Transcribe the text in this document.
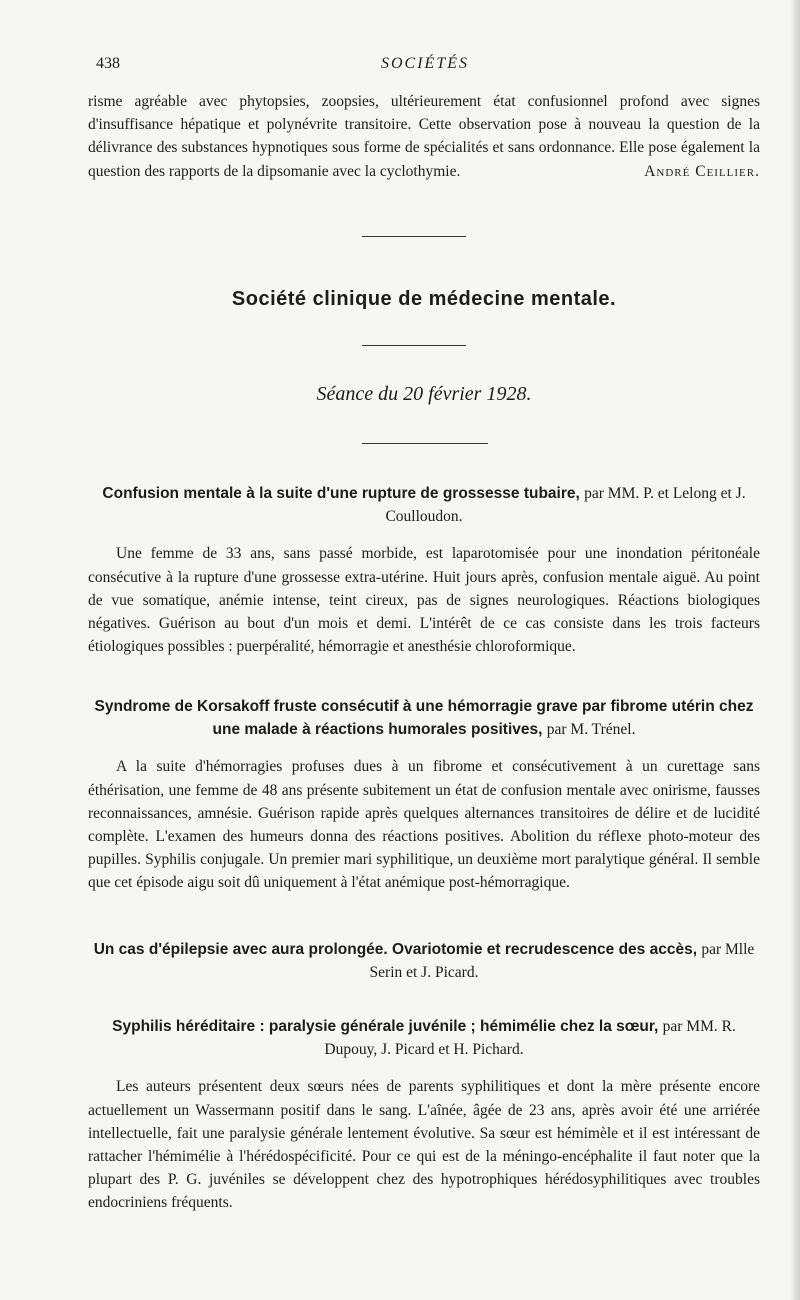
438	SOCIÉTÉS

risme agréable avec phytopsies, zoopsies, ultérieurement état confusionnel profond avec signes d'insuffisance hépatique et polynévrite transitoire. Cette observation pose à nouveau la question de la délivrance des substances hypnotiques sous forme de spécialités et sans ordonnance. Elle pose également la question des rapports de la dipsomanie avec la cyclothymie.	André Ceillier.

Société clinique de médecine mentale.
Séance du 20 février 1928.
Confusion mentale à la suite d'une rupture de grossesse tubaire, par MM. P. et Lelong et J. Coulloudon.

Une femme de 33 ans, sans passé morbide, est laparotomisée pour une inondation péritonéale consécutive à la rupture d'une grossesse extra-utérine. Huit jours après, confusion mentale aiguë. Au point de vue somatique, anémie intense, teint cireux, pas de signes neurologiques. Réactions biologiques négatives. Guérison au bout d'un mois et demi. L'intérêt de ce cas consiste dans les trois facteurs étiologiques possibles : puerpéralité, hémorragie et anesthésie chloroformique.

Syndrome de Korsakoff fruste consécutif à une hémorragie grave par fibrome utérin chez une malade à réactions humorales positives, par M. Trénel.

A la suite d'hémorragies profuses dues à un fibrome et consécutivement à un curettage sans éthérisation, une femme de 48 ans présente subitement un état de confusion mentale avec onirisme, fausses reconnaissances, amnésie. Guérison rapide après quelques alternances transitoires de délire et de lucidité complète. L'examen des humeurs donna des réactions positives. Abolition du réflexe photo-moteur des pupilles. Syphilis conjugale. Un premier mari syphilitique, un deuxième mort paralytique général. Il semble que cet épisode aigu soit dû uniquement à l'état anémique post-hémorragique.

Un cas d'épilepsie avec aura prolongée. Ovariotomie et recrudescence des accès, par Mlle Serin et J. Picard.
Syphilis héréditaire : paralysie générale juvénile ; hémimélie chez la sœur, par MM. R. Dupouy, J. Picard et H. Pichard.

Les auteurs présentent deux sœurs nées de parents syphilitiques et dont la mère présente encore actuellement un Wassermann positif dans le sang. L'aînée, âgée de 23 ans, après avoir été une arriérée intellectuelle, fait une paralysie générale lentement évolutive. Sa sœur est hémimèle et il est intéressant de rattacher l'hémimélie à l'hérédospécificité. Pour ce qui est de la méningo-encéphalite il faut noter que la plupart des P. G. juvéniles se développent chez des hypotrophiques hérédosyphilitiques avec troubles endocriniens fréquents.
